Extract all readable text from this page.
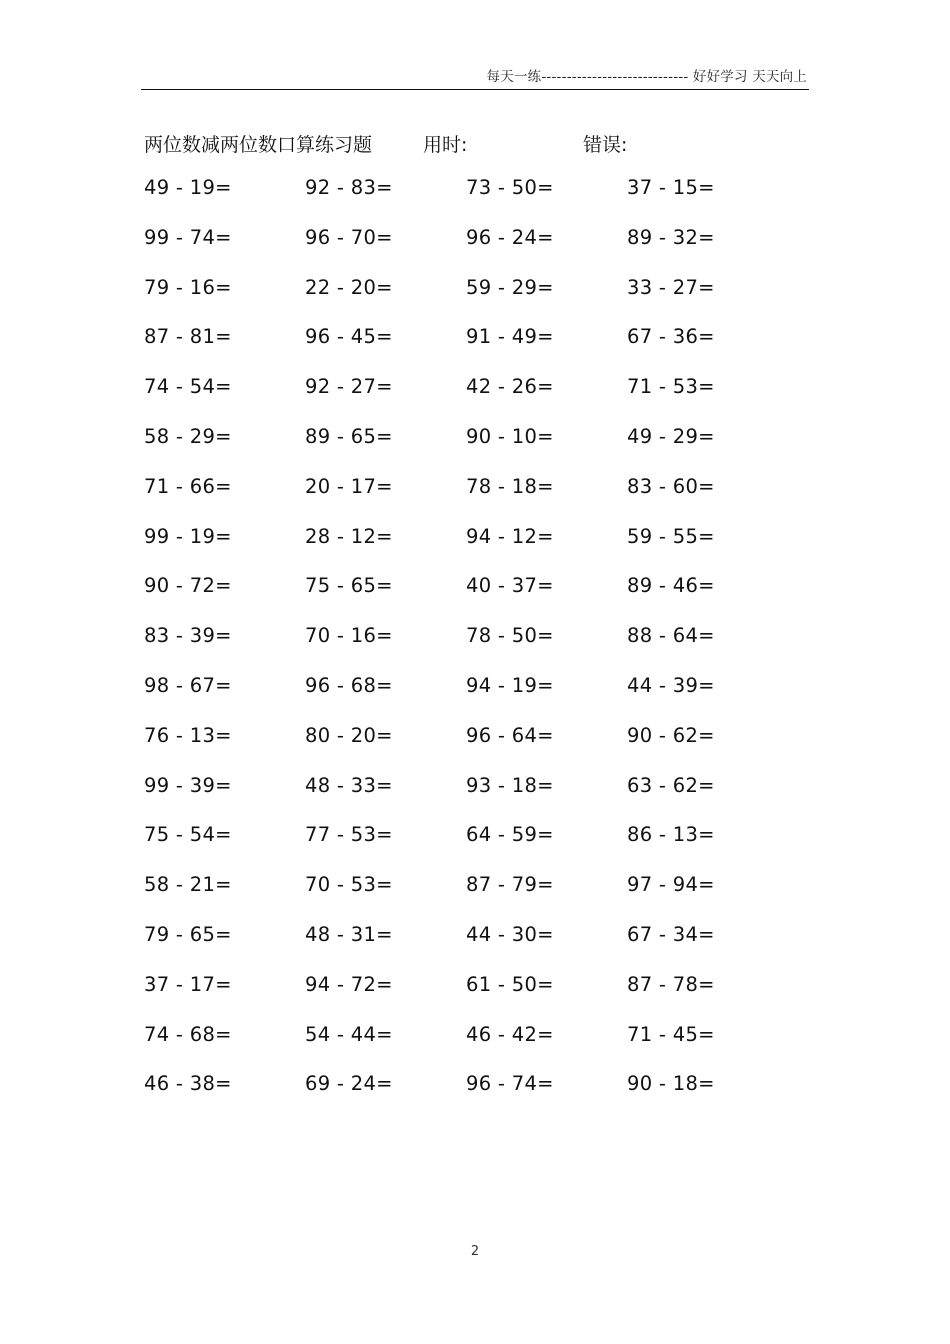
每天一练----------------------------- 好好学习 天天向上
两位数减两位数口算练习题	用时:	错误:
49 - 19=	92 - 83=	73 - 50=	37 - 15=
99 - 74=	96 - 70=	96 - 24=	89 - 32=
79 - 16=	22 - 20=	59 - 29=	33 - 27=
87 - 81=	96 - 45=	91 - 49=	67 - 36=
74 - 54=	92 - 27=	42 - 26=	71 - 53=
58 - 29=	89 - 65=	90 - 10=	49 - 29=
71 - 66=	20 - 17=	78 - 18=	83 - 60=
99 - 19=	28 - 12=	94 - 12=	59 - 55=
90 - 72=	75 - 65=	40 - 37=	89 - 46=
83 - 39=	70 - 16=	78 - 50=	88 - 64=
98 - 67=	96 - 68=	94 - 19=	44 - 39=
76 - 13=	80 - 20=	96 - 64=	90 - 62=
99 - 39=	48 - 33=	93 - 18=	63 - 62=
75 - 54=	77 - 53=	64 - 59=	86 - 13=
58 - 21=	70 - 53=	87 - 79=	97 - 94=
79 - 65=	48 - 31=	44 - 30=	67 - 34=
37 - 17=	94 - 72=	61 - 50=	87 - 78=
74 - 68=	54 - 44=	46 - 42=	71 - 45=
46 - 38=	69 - 24=	96 - 74=	90 - 18=
2
